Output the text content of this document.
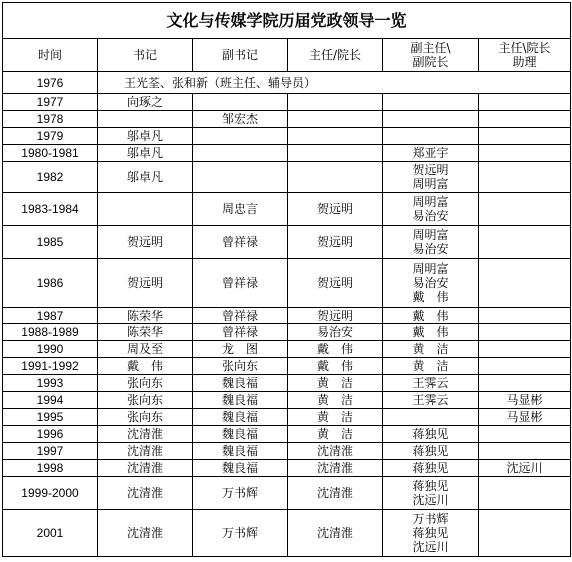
文化与传媒学院历届党政领导一览					
时间	书记	副书记	主任/院长	副主任\
副院长	主任\院长
助理

1976	王光荃、张和新（班主任、辅导员）				
1977	向琢之				
1978		邹宏杰			
1979	邬卓凡				
1980-1981	邬卓凡			郑亚宇	
1982	邬卓凡			贺远明
周明富	

1983-1984		周忠言	贺远明	周明富
易治安	

1985	贺远明	曾祥禄	贺远明	周明富
易治安	

1986	贺远明	曾祥禄	贺远明	周明富
易治安
戴　伟	

1987	陈荣华	曾祥禄	贺远明	戴　伟	
1988-1989	陈荣华	曾祥禄	易治安	戴　伟	
1990	周及至	龙　图	戴　伟	黄　洁	
1991-1992	戴　伟	张向东	戴　伟	黄　洁	
1993	张向东	魏良福	黄　洁	王霁云	
1994	张向东	魏良福	黄　洁	王霁云	马显彬
1995	张向东	魏良福	黄　洁		马显彬
1996	沈清淮	魏良福	黄　洁	蒋独见	
1997	沈清淮	魏良福	沈清淮	蒋独见	
1998	沈清淮	魏良福	沈清淮	蒋独见	沈远川
1999-2000	沈清淮	万书辉	沈清淮	蒋独见
沈远川	

2001	沈清淮	万书辉	沈清淮	万书辉
蒋独见
沈远川	
